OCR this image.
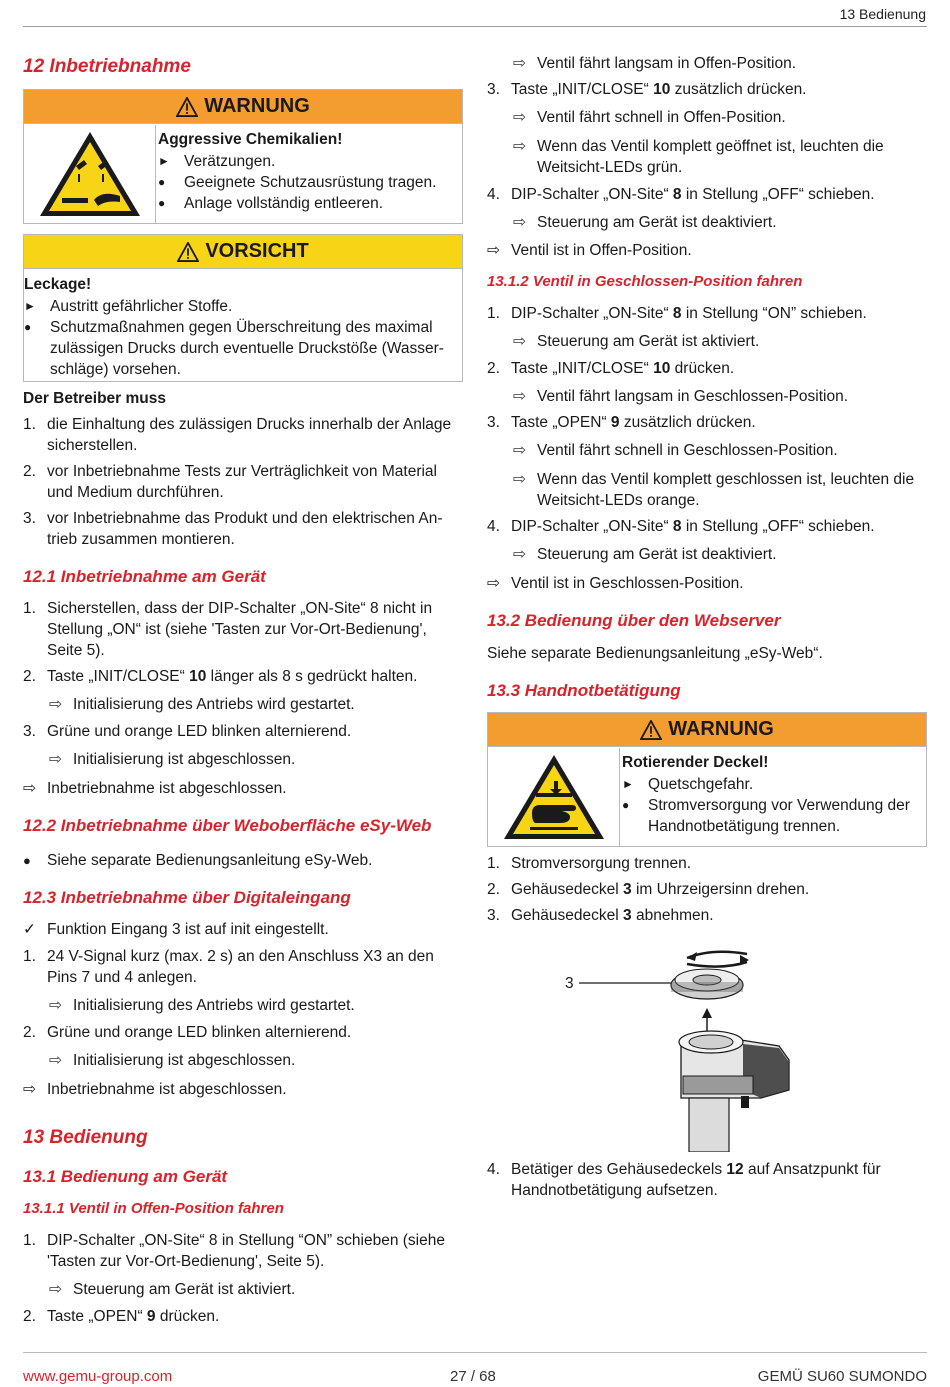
13 Bedienung
12 Inbetriebnahme
WARNUNG
Aggressive Chemikalien!
► Verätzungen.
● Geeignete Schutzausrüstung tragen.
● Anlage vollständig entleeren.
VORSICHT
Leckage!
► Austritt gefährlicher Stoffe.
● Schutzmaßnahmen gegen Überschreitung des maximal
zulässigen Drucks durch eventuelle Druckstöße (Wasser-
schläge) vorsehen.
Der Betreiber muss
1. die Einhaltung des zulässigen Drucks innerhalb der Anlage
sicherstellen.
2. vor Inbetriebnahme Tests zur Verträglichkeit von Material
und Medium durchführen.
3. vor Inbetriebnahme das Produkt und den elektrischen An-
trieb zusammen montieren.
12.1 Inbetriebnahme am Gerät
1. Sicherstellen, dass der DIP-Schalter „ON-Site“ 8 nicht in
Stellung „ON“ ist (siehe 'Tasten zur Vor-Ort-Bedienung',
Seite 5).
2. Taste „INIT/CLOSE“ 10 länger als 8 s gedrückt halten.
⇨ Initialisierung des Antriebs wird gestartet.
3. Grüne und orange LED blinken alternierend.
⇨ Initialisierung ist abgeschlossen.
⇨ Inbetriebnahme ist abgeschlossen.
12.2 Inbetriebnahme über Weboberfläche eSy-Web
● Siehe separate Bedienungsanleitung eSy-Web.
12.3 Inbetriebnahme über Digitaleingang
✓ Funktion Eingang 3 ist auf init eingestellt.
1. 24 V-Signal kurz (max. 2 s) an den Anschluss X3 an den
Pins 7 und 4 anlegen.
⇨ Initialisierung des Antriebs wird gestartet.
2. Grüne und orange LED blinken alternierend.
⇨ Initialisierung ist abgeschlossen.
⇨ Inbetriebnahme ist abgeschlossen.
13 Bedienung
13.1 Bedienung am Gerät
13.1.1 Ventil in Offen-Position fahren
1. DIP-Schalter „ON-Site“ 8 in Stellung “ON” schieben (siehe
'Tasten zur Vor-Ort-Bedienung', Seite 5).
⇨ Steuerung am Gerät ist aktiviert.
2. Taste „OPEN“ 9 drücken.
⇨ Ventil fährt langsam in Offen-Position.
3. Taste „INIT/CLOSE“ 10 zusätzlich drücken.
⇨ Ventil fährt schnell in Offen-Position.
⇨ Wenn das Ventil komplett geöffnet ist, leuchten die
Weitsicht-LEDs grün.
4. DIP-Schalter „ON-Site“ 8 in Stellung „OFF“ schieben.
⇨ Steuerung am Gerät ist deaktiviert.
⇨ Ventil ist in Offen-Position.
13.1.2 Ventil in Geschlossen-Position fahren
1. DIP-Schalter „ON-Site“ 8 in Stellung “ON” schieben.
⇨ Steuerung am Gerät ist aktiviert.
2. Taste „INIT/CLOSE“ 10 drücken.
⇨ Ventil fährt langsam in Geschlossen-Position.
3. Taste „OPEN“ 9 zusätzlich drücken.
⇨ Ventil fährt schnell in Geschlossen-Position.
⇨ Wenn das Ventil komplett geschlossen ist, leuchten die
Weitsicht-LEDs orange.
4. DIP-Schalter „ON-Site“ 8 in Stellung „OFF“ schieben.
⇨ Steuerung am Gerät ist deaktiviert.
⇨ Ventil ist in Geschlossen-Position.
13.2 Bedienung über den Webserver
Siehe separate Bedienungsanleitung „eSy-Web“.
13.3 Handnotbetätigung
WARNUNG
Rotierender Deckel!
► Quetschgefahr.
● Stromversorgung vor Verwendung der
Handnotbetätigung trennen.
1. Stromversorgung trennen.
2. Gehäusedeckel 3 im Uhrzeigersinn drehen.
3. Gehäusedeckel 3 abnehmen.
3
4. Betätiger des Gehäusedeckels 12 auf Ansatzpunkt für
Handnotbetätigung aufsetzen.
www.gemu-group.com	27 / 68	GEMÜ SU60 SUMONDO
